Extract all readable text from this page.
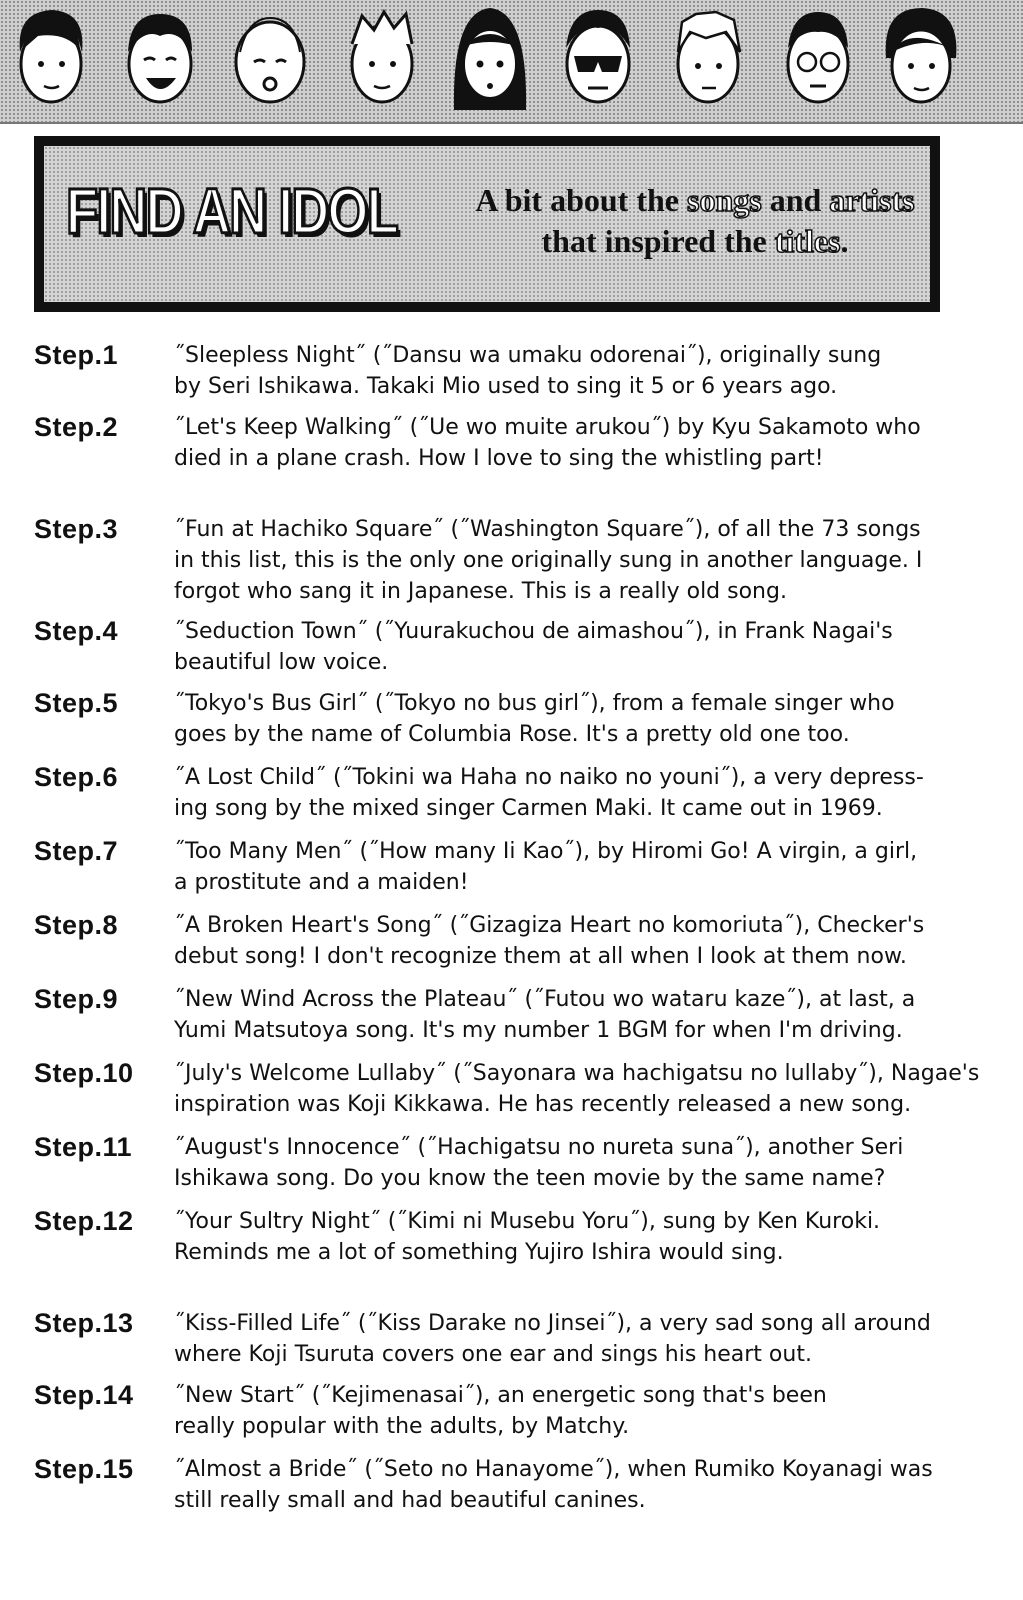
FIND AN IDOL A bit about the songs and artists that inspired the titles.
Step.1	˝Sleepless Night˝ (˝Dansu wa umaku odorenai˝), originally sung
by Seri Ishikawa. Takaki Mio used to sing it 5 or 6 years ago.
Step.2	˝Let's Keep Walking˝ (˝Ue wo muite arukou˝) by Kyu Sakamoto who
died in a plane crash. How I love to sing the whistling part!
Step.3	˝Fun at Hachiko Square˝ (˝Washington Square˝), of all the 73 songs
in this list, this is the only one originally sung in another language. I
forgot who sang it in Japanese. This is a really old song.
Step.4	˝Seduction Town˝ (˝Yuurakuchou de aimashou˝), in Frank Nagai's
beautiful low voice.
Step.5	˝Tokyo's Bus Girl˝ (˝Tokyo no bus girl˝), from a female singer who
goes by the name of Columbia Rose. It's a pretty old one too.
Step.6	˝A Lost Child˝ (˝Tokini wa Haha no naiko no youni˝), a very depress-
ing song by the mixed singer Carmen Maki. It came out in 1969.
Step.7	˝Too Many Men˝ (˝How many Ii Kao˝), by Hiromi Go! A virgin, a girl,
a prostitute and a maiden!
Step.8	˝A Broken Heart's Song˝ (˝Gizagiza Heart no komoriuta˝), Checker's
debut song! I don't recognize them at all when I look at them now.
Step.9	˝New Wind Across the Plateau˝ (˝Futou wo wataru kaze˝), at last, a
Yumi Matsutoya song. It's my number 1 BGM for when I'm driving.
Step.10 ˝July's Welcome Lullaby˝ (˝Sayonara wa hachigatsu no lullaby˝), Nagae's
inspiration was Koji Kikkawa. He has recently released a new song.
Step.11 ˝August's Innocence˝ (˝Hachigatsu no nureta suna˝), another Seri
Ishikawa song. Do you know the teen movie by the same name?
Step.12 ˝Your Sultry Night˝ (˝Kimi ni Musebu Yoru˝), sung by Ken Kuroki.
Reminds me a lot of something Yujiro Ishira would sing.
Step.13 ˝Kiss-Filled Life˝ (˝Kiss Darake no Jinsei˝), a very sad song all around
where Koji Tsuruta covers one ear and sings his heart out.
Step.14 ˝New Start˝ (˝Kejimenasai˝), an energetic song that's been
really popular with the adults, by Matchy.
Step.15 ˝Almost a Bride˝ (˝Seto no Hanayome˝), when Rumiko Koyanagi was
still really small and had beautiful canines.
